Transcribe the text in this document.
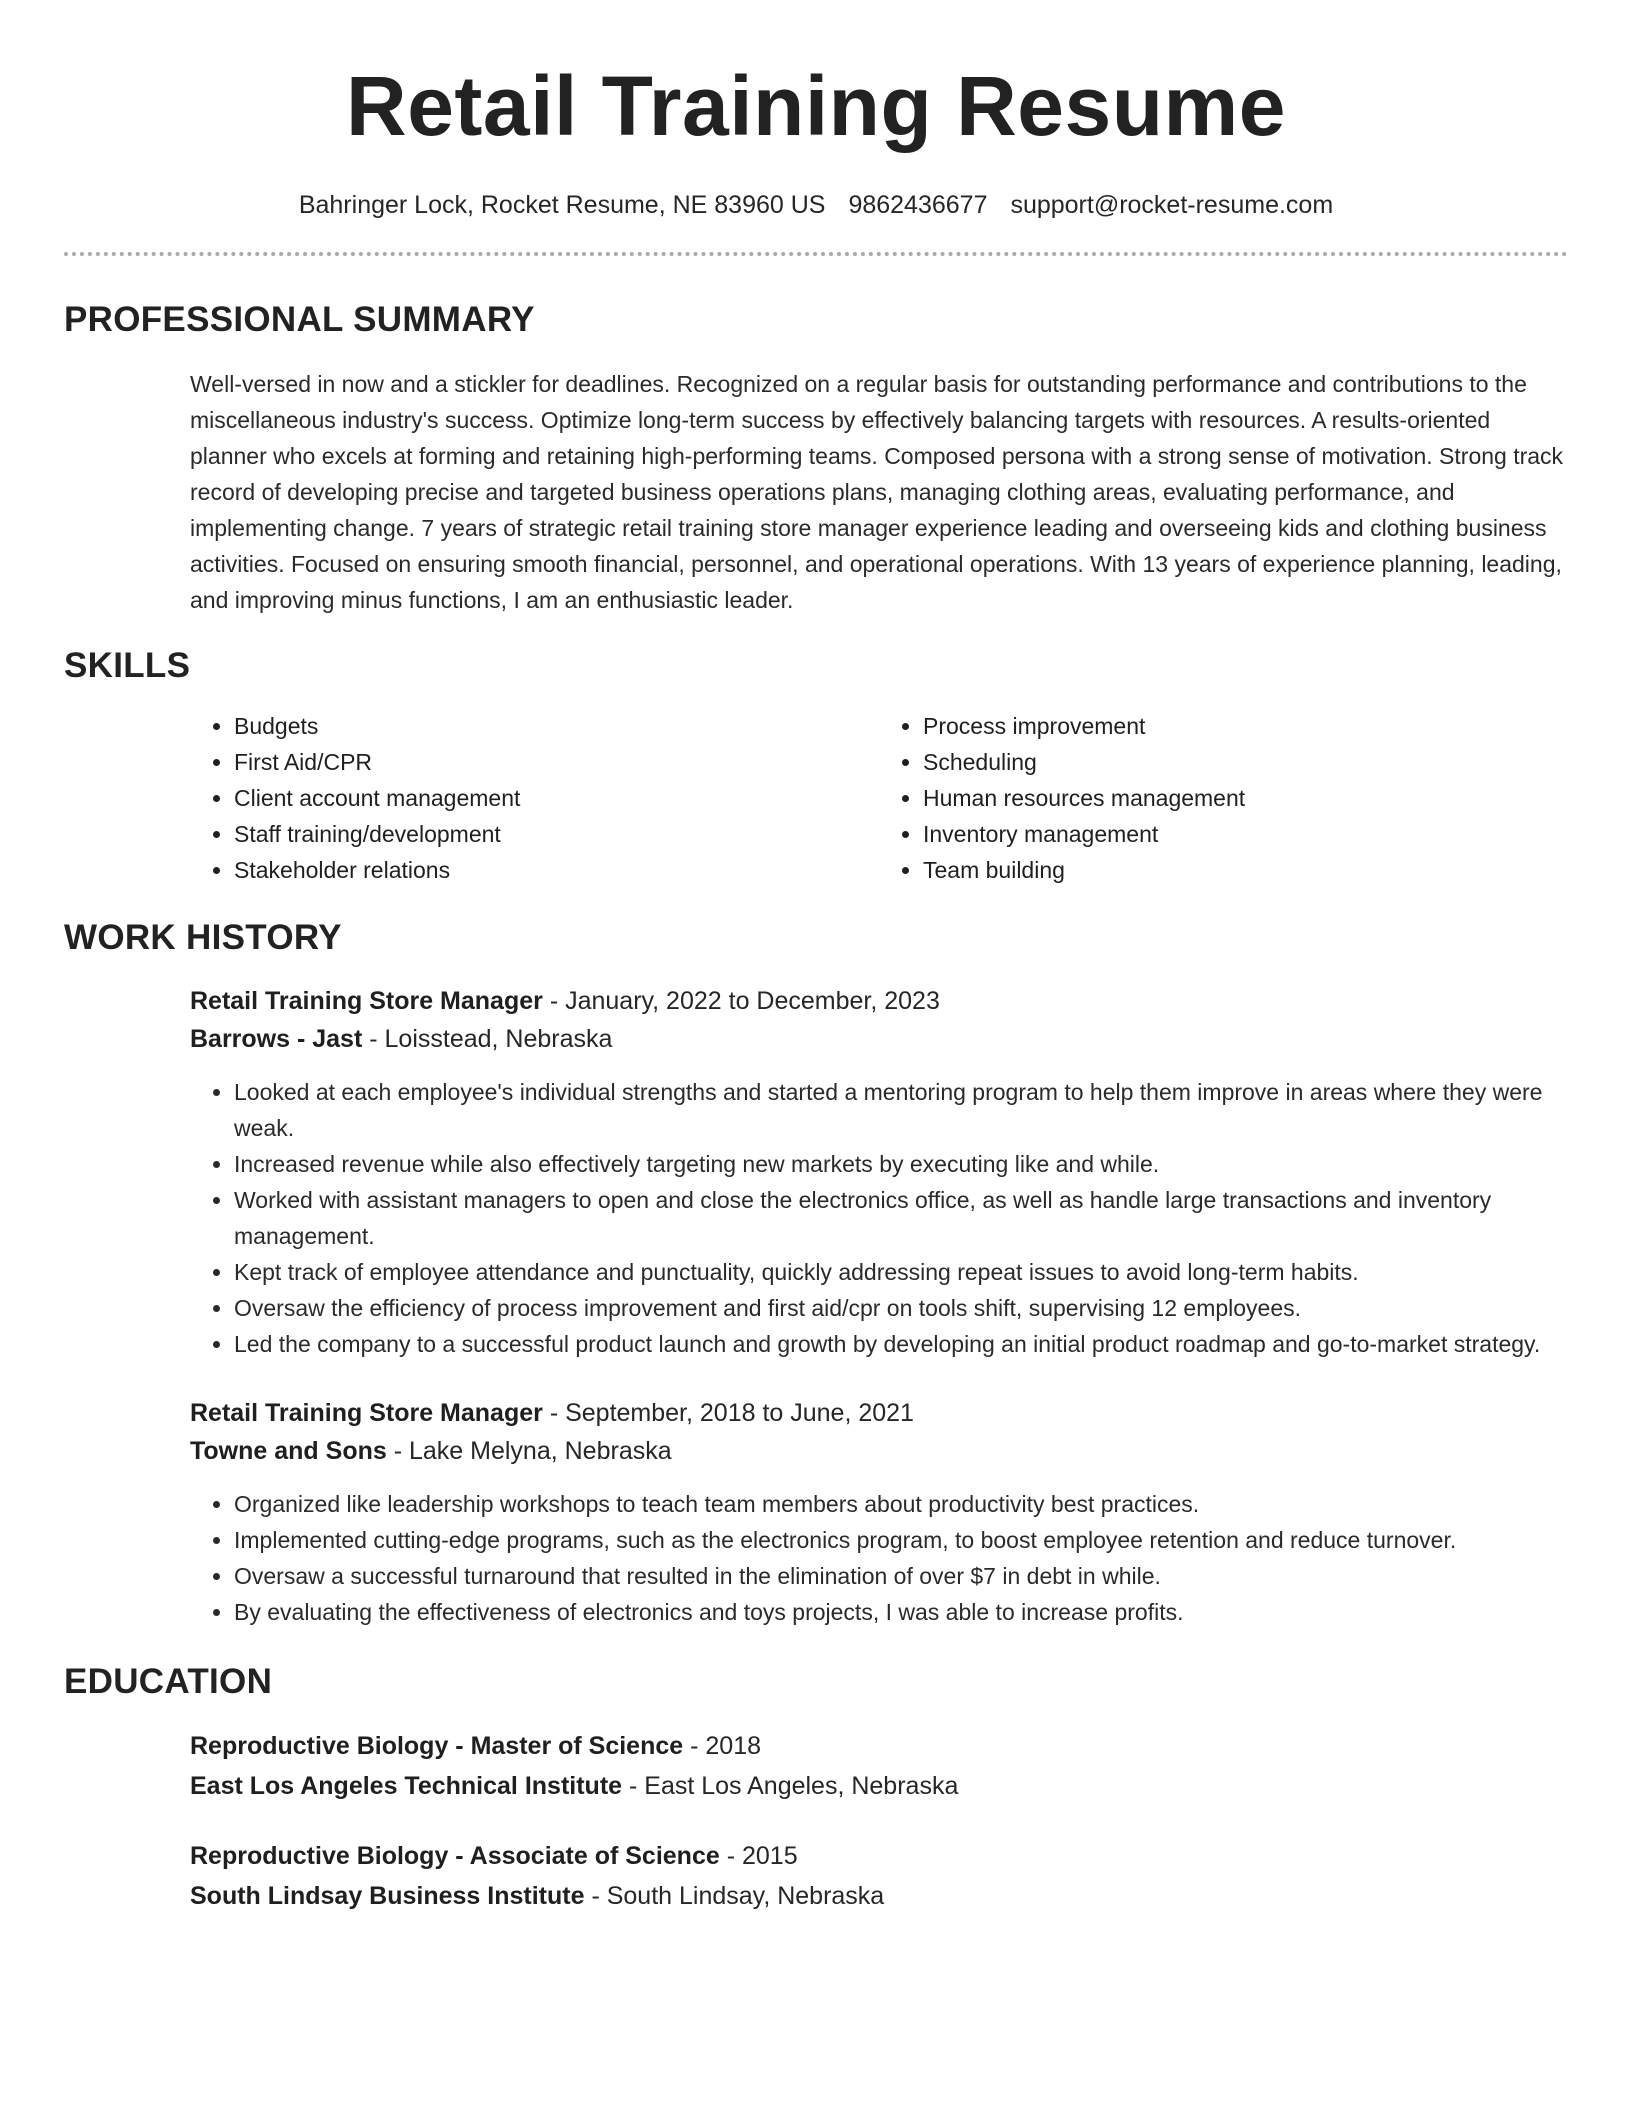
Retail Training Resume
Bahringer Lock, Rocket Resume, NE 83960 US 9862436677 support@rocket-resume.com
PROFESSIONAL SUMMARY
Well-versed in now and a stickler for deadlines. Recognized on a regular basis for outstanding performance and contributions to the miscellaneous industry's success. Optimize long-term success by effectively balancing targets with resources. A results-oriented planner who excels at forming and retaining high-performing teams. Composed persona with a strong sense of motivation. Strong track record of developing precise and targeted business operations plans, managing clothing areas, evaluating performance, and implementing change. 7 years of strategic retail training store manager experience leading and overseeing kids and clothing business activities. Focused on ensuring smooth financial, personnel, and operational operations. With 13 years of experience planning, leading, and improving minus functions, I am an enthusiastic leader.
SKILLS
• Budgets
• First Aid/CPR
• Client account management
• Staff training/development
• Stakeholder relations
• Process improvement
• Scheduling
• Human resources management
• Inventory management
• Team building
WORK HISTORY
Retail Training Store Manager - January, 2022 to December, 2023
Barrows - Jast - Loisstead, Nebraska
• Looked at each employee's individual strengths and started a mentoring program to help them improve in areas where they were weak.
• Increased revenue while also effectively targeting new markets by executing like and while.
• Worked with assistant managers to open and close the electronics office, as well as handle large transactions and inventory management.
• Kept track of employee attendance and punctuality, quickly addressing repeat issues to avoid long-term habits.
• Oversaw the efficiency of process improvement and first aid/cpr on tools shift, supervising 12 employees.
• Led the company to a successful product launch and growth by developing an initial product roadmap and go-to-market strategy.
Retail Training Store Manager - September, 2018 to June, 2021
Towne and Sons - Lake Melyna, Nebraska
• Organized like leadership workshops to teach team members about productivity best practices.
• Implemented cutting-edge programs, such as the electronics program, to boost employee retention and reduce turnover.
• Oversaw a successful turnaround that resulted in the elimination of over $7 in debt in while.
• By evaluating the effectiveness of electronics and toys projects, I was able to increase profits.
EDUCATION
Reproductive Biology - Master of Science - 2018
East Los Angeles Technical Institute - East Los Angeles, Nebraska
Reproductive Biology - Associate of Science - 2015
South Lindsay Business Institute - South Lindsay, Nebraska
